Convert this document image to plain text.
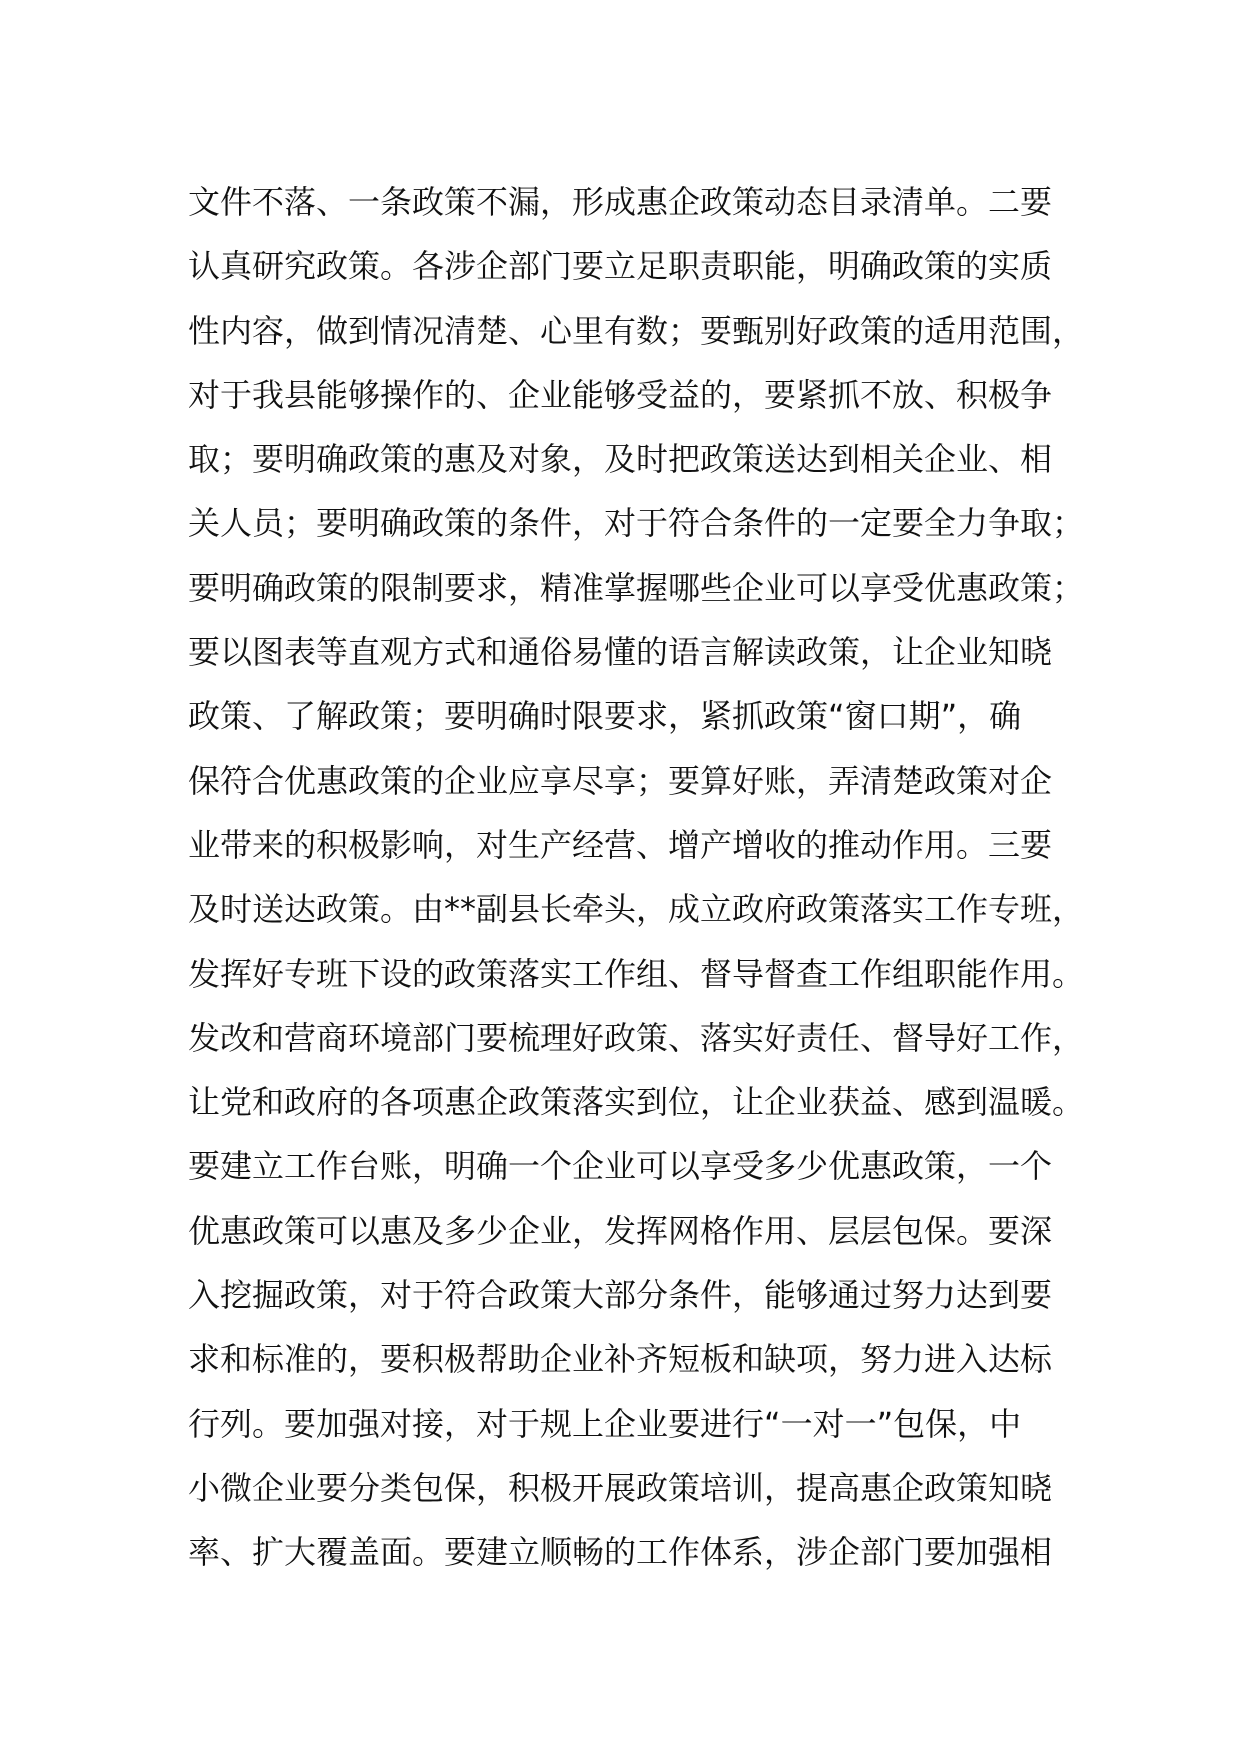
文件不落、一条政策不漏，形成惠企政策动态目录清单。二要
认真研究政策。各涉企部门要立足职责职能，明确政策的实质
性内容，做到情况清楚、心里有数；要甄别好政策的适用范围，
对于我县能够操作的、企业能够受益的，要紧抓不放、积极争
取；要明确政策的惠及对象，及时把政策送达到相关企业、相
关人员；要明确政策的条件，对于符合条件的一定要全力争取；
要明确政策的限制要求，精准掌握哪些企业可以享受优惠政策；
要以图表等直观方式和通俗易懂的语言解读政策，让企业知晓
政策、了解政策；要明确时限要求，紧抓政策“窗口期”，确
保符合优惠政策的企业应享尽享；要算好账，弄清楚政策对企
业带来的积极影响，对生产经营、增产增收的推动作用。三要
及时送达政策。由**副县长牵头，成立政府政策落实工作专班，
发挥好专班下设的政策落实工作组、督导督查工作组职能作用。
发改和营商环境部门要梳理好政策、落实好责任、督导好工作，
让党和政府的各项惠企政策落实到位，让企业获益、感到温暖。
要建立工作台账，明确一个企业可以享受多少优惠政策，一个
优惠政策可以惠及多少企业，发挥网格作用、层层包保。要深
入挖掘政策，对于符合政策大部分条件，能够通过努力达到要
求和标准的，要积极帮助企业补齐短板和缺项，努力进入达标
行列。要加强对接，对于规上企业要进行“一对一”包保，中
小微企业要分类包保，积极开展政策培训，提高惠企政策知晓
率、扩大覆盖面。要建立顺畅的工作体系，涉企部门要加强相
